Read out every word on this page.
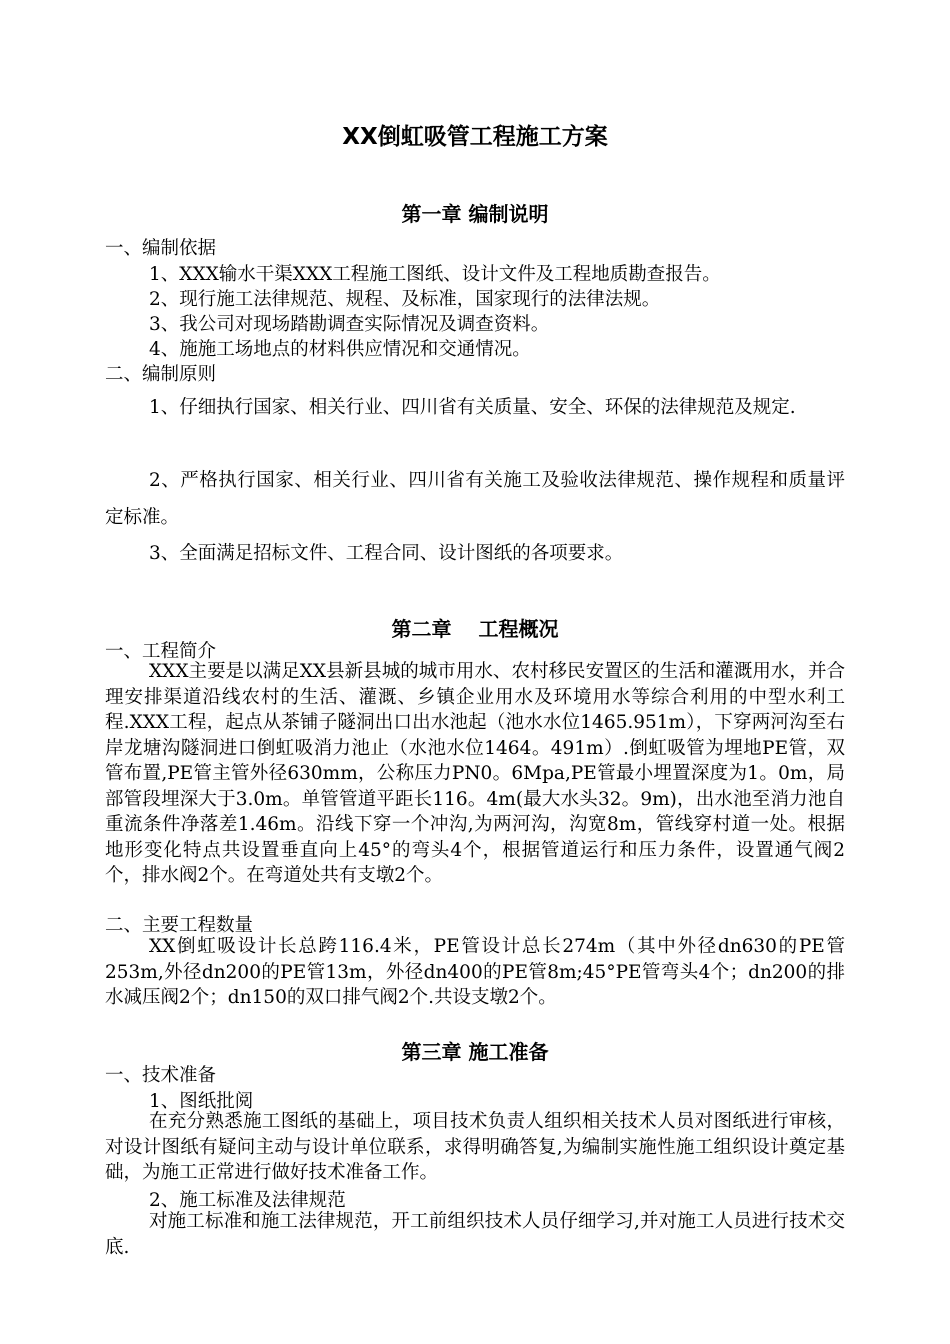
XX倒虹吸管工程施工方案
第一章 编制说明

一、编制依据

1、XXX输水干渠XXX工程施工图纸、设计文件及工程地质勘查报告。

2、现行施工法律规范、规程、及标准，国家现行的法律法规。

3、我公司对现场踏勘调查实际情况及调查资料。

4、施施工场地点的材料供应情况和交通情况。

二、编制原则

1、仔细执行国家、相关行业、四川省有关质量、安全、环保的法律规范及规定.

2、严格执行国家、相关行业、四川省有关施工及验收法律规范、操作规程和质量评定标准。

3、全面满足招标文件、工程合同、设计图纸的各项要求。

第二章　 工程概况

一、工程简介

XXX主要是以满足XX县新县城的城市用水、农村移民安置区的生活和灌溉用水，并合理安排渠道沿线农村的生活、灌溉、乡镇企业用水及环境用水等综合利用的中型水利工程.XXX工程，起点从茶铺子隧洞出口出水池起（池水水位1465.951m），下穿两河沟至右岸龙塘沟隧洞进口倒虹吸消力池止（水池水位1464。491m）.倒虹吸管为埋地PE管，双管布置,PE管主管外径630mm，公称压力PN0。6Mpa,PE管最小埋置深度为1。0m，局部管段埋深大于3.0m。单管管道平距长116。4m(最大水头32。9m)，出水池至消力池自重流条件净落差1.46m。沿线下穿一个冲沟,为两河沟，沟宽8m，管线穿村道一处。根据地形变化特点共设置垂直向上45°的弯头4个，根据管道运行和压力条件，设置通气阀2个，排水阀2个。在弯道处共有支墩2个。

二、主要工程数量

XX倒虹吸设计长总跨116.4米，PE管设计总长274m（其中外径dn630的PE管253m,外径dn200的PE管13m，外径dn400的PE管8m;45°PE管弯头4个；dn200的排水减压阀2个；dn150的双口排气阀2个.共设支墩2个。

第三章 施工准备

一、技术准备

1、图纸批阅

在充分熟悉施工图纸的基础上，项目技术负责人组织相关技术人员对图纸进行审核，对设计图纸有疑问主动与设计单位联系，求得明确答复,为编制实施性施工组织设计奠定基础，为施工正常进行做好技术准备工作。

2、施工标准及法律规范

对施工标准和施工法律规范，开工前组织技术人员仔细学习,并对施工人员进行技术交底.
